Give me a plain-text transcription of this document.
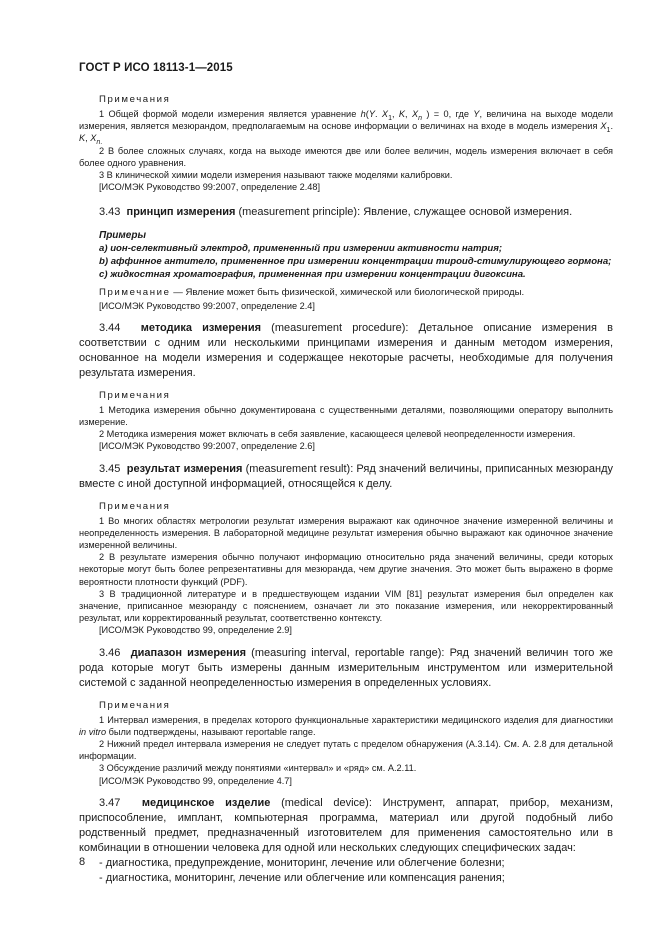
ГОСТ Р ИСО 18113-1—2015
Примечания

1 Общей формой модели измерения является уравнение h(Y. $X_1$, K, $X_n$ ) = 0, где Y, величина на выходе модели измерения, является мезюрандом, предполагаемым на основе информации о величинах на входе в модель измерения $X_1$. K, $X_{n.}$

2 В более сложных случаях, когда на выходе имеются две или более величин, модель измерения включает в себя более одного уравнения.

3 В клинической химии модели измерения называют также моделями калибровки.

[ИСО/МЭК Руководство 99:2007, определение 2.48]

3.43 принцип измерения (measurement principle): Явление, служащее основой измерения.

Примеры

a) ион-селективный электрод, примененный при измерении активности натрия;

b) аффинное антитело, примененное при измерении концентрации тироид-стимулирующего гормона;

c) жидкостная хроматография, примененная при измерении концентрации дигоксина.

Примечание — Явление может быть физической, химической или биологической природы.

[ИСО/МЭК Руководство 99:2007, определение 2.4]

3.44 методика измерения (measurement procedure): Детальное описание измерения в соответствии с одним или несколькими принципами измерения и данным методом измерения, основанное на модели измерения и содержащее некоторые расчеты, необходимые для получения результата измерения.

Примечания

1 Методика измерения обычно документирована с существенными деталями, позволяющими оператору выполнить измерение.

2 Методика измерения может включать в себя заявление, касающееся целевой неопределенности измерения.

[ИСО/МЭК Руководство 99:2007, определение 2.6]

3.45 результат измерения (measurement result): Ряд значений величины, приписанных мезюранду вместе с иной доступной информацией, относящейся к делу.

Примечания

1 Во многих областях метрологии результат измерения выражают как одиночное значение измеренной величины и неопределенность измерения. В лабораторной медицине результат измерения обычно выражают как одиночное значение измеренной величины.

2 В результате измерения обычно получают информацию относительно ряда значений величины, среди которых некоторые могут быть более репрезентативны для мезюранда, чем другие значения. Это может быть выражено в форме вероятности плотности функций (PDF).

3 В традиционной литературе и в предшествующем издании VIM [81] результат измерения был определен как значение, приписанное мезюранду с пояснением, означает ли это показание измерения, или некорректированный результат, или корректированный результат, соответственно контексту.

[ИСО/МЭК Руководство 99, определение 2.9]

3.46 диапазон измерения (measuring interval, reportable range): Ряд значений величин того же рода которые могут быть измерены данным измерительным инструментом или измерительной системой с заданной неопределенностью измерения в определенных условиях.

Примечания

1 Интервал измерения, в пределах которого функциональные характеристики медицинского изделия для диагностики in vitro были подтверждены, называют reportable range.

2 Нижний предел интервала измерения не следует путать с пределом обнаружения (А.3.14). См. А. 2.8 для детальной информации.

3 Обсуждение различий между понятиями «интервал» и «ряд» см. А.2.11.

[ИСО/МЭК Руководство 99, определение 4.7]

3.47 медицинское изделие (medical device): Инструмент, аппарат, прибор, механизм, приспособление, имплант, компьютерная программа, материал или другой подобный либо родственный предмет, предназначенный изготовителем для применения самостоятельно или в комбинации в отношении человека для одной или нескольких следующих специфических задач:

- диагностика, предупреждение, мониторинг, лечение или облегчение болезни;

- диагностика, мониторинг, лечение или облегчение или компенсация ранения;

8
